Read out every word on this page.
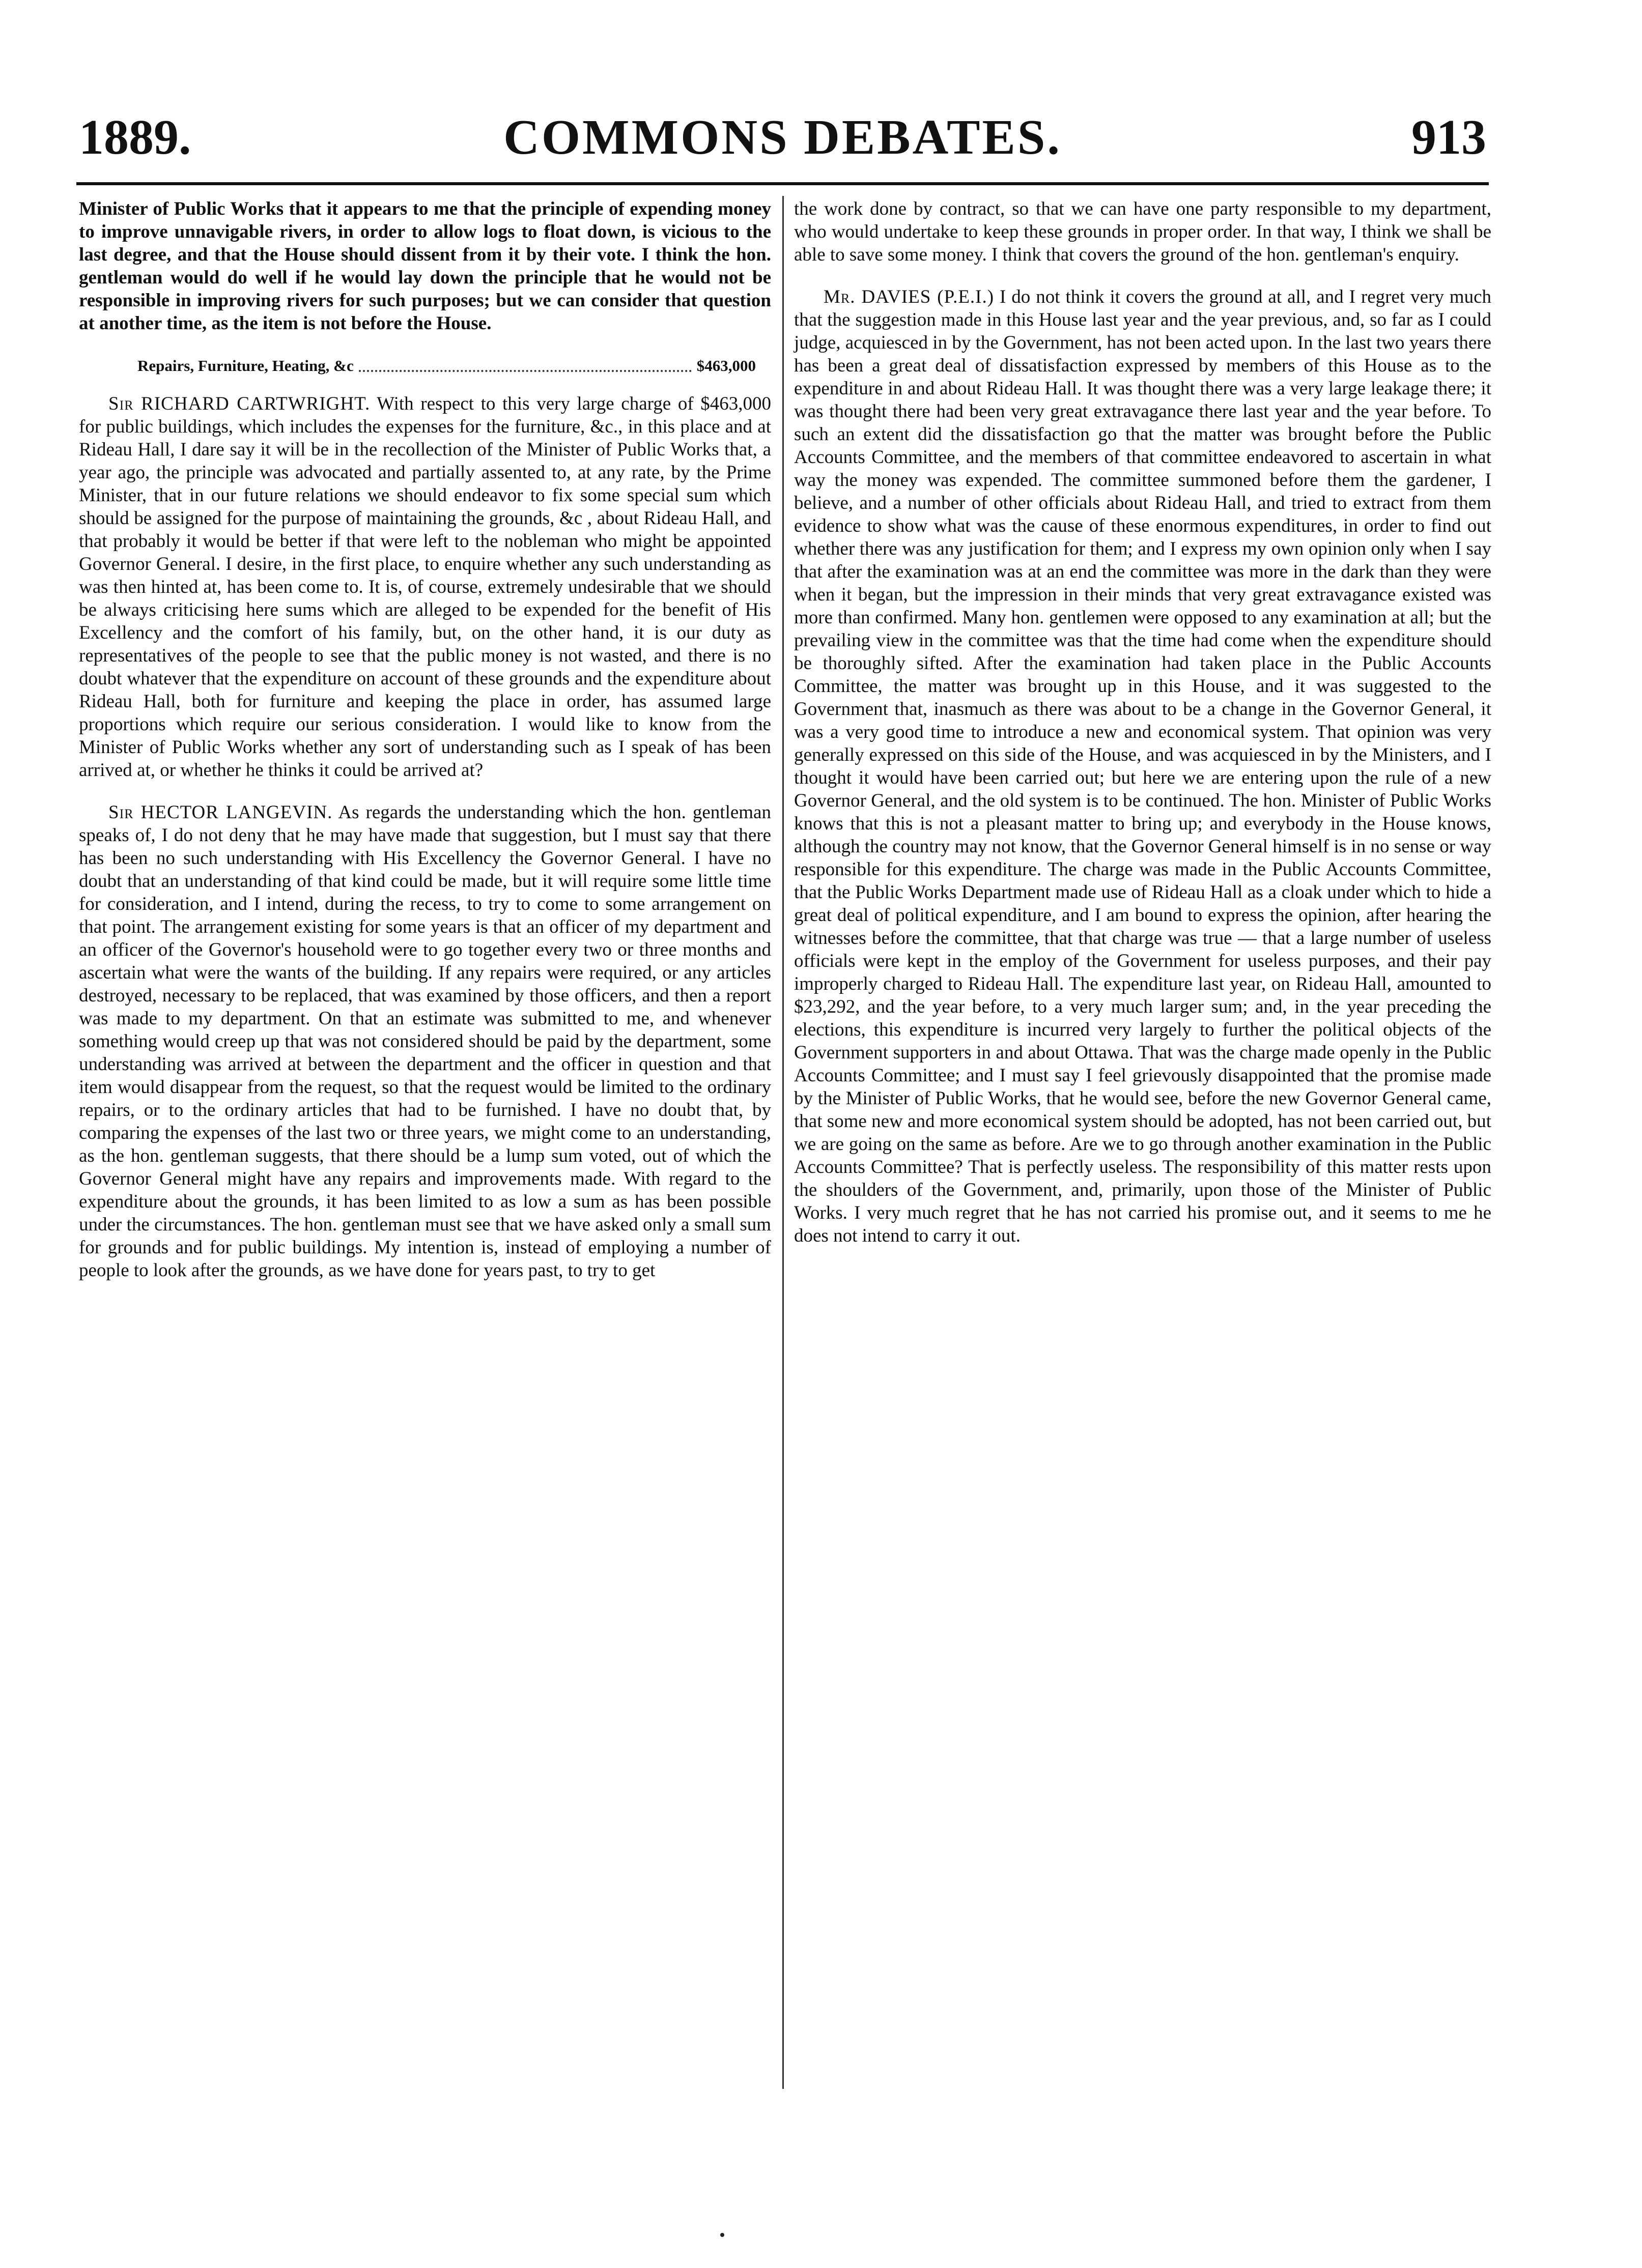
1889.	COMMONS DEBATES.	913

Minister of Public Works that it appears to me that the principle of expending money to improve unnavigable rivers, in order to allow logs to float down, is vicious to the last degree, and that the House should dissent from it by their vote. I think the hon. gentleman would do well if he would lay down the principle that he would not be responsible in improving rivers for such purposes; but we can consider that question at another time, as the item is not before the House.

Repairs, Furniture, Heating, &c	$463,000

Sir RICHARD CARTWRIGHT. With respect to this very large charge of $463,000 for public buildings, which includes the expenses for the furniture, &c., in this place and at Rideau Hall, I dare say it will be in the recollection of the Minister of Public Works that, a year ago, the principle was advocated and partially assented to, at any rate, by the Prime Minister, that in our future relations we should endeavor to fix some special sum which should be assigned for the purpose of maintaining the grounds, &c , about Rideau Hall, and that probably it would be better if that were left to the nobleman who might be appointed Governor General. I desire, in the first place, to enquire whether any such understanding as was then hinted at, has been come to. It is, of course, extremely undesirable that we should be always criticising here sums which are alleged to be expended for the benefit of His Excellency and the comfort of his family, but, on the other hand, it is our duty as representatives of the people to see that the public money is not wasted, and there is no doubt whatever that the expenditure on account of these grounds and the expenditure about Rideau Hall, both for furniture and keeping the place in order, has assumed large proportions which require our serious consideration. I would like to know from the Minister of Public Works whether any sort of understanding such as I speak of has been arrived at, or whether he thinks it could be arrived at?

Sir HECTOR LANGEVIN. As regards the understanding which the hon. gentleman speaks of, I do not deny that he may have made that suggestion, but I must say that there has been no such understanding with His Excellency the Governor General. I have no doubt that an understanding of that kind could be made, but it will require some little time for consideration, and I intend, during the recess, to try to come to some arrangement on that point. The arrangement existing for some years is that an officer of my department and an officer of the Governor's household were to go together every two or three months and ascertain what were the wants of the building. If any repairs were required, or any articles destroyed, necessary to be replaced, that was examined by those officers, and then a report was made to my department. On that an estimate was submitted to me, and whenever something would creep up that was not considered should be paid by the department, some understanding was arrived at between the department and the officer in question and that item would disappear from the request, so that the request would be limited to the ordinary repairs, or to the ordinary articles that had to be furnished. I have no doubt that, by comparing the expenses of the last two or three years, we might come to an understanding, as the hon. gentleman suggests, that there should be a lump sum voted, out of which the Governor General might have any repairs and improvements made. With regard to the expenditure about the grounds, it has been limited to as low a sum as has been possible under the circumstances. The hon. gentleman must see that we have asked only a small sum for grounds and for public buildings. My intention is, instead of employing a number of people to look after the grounds, as we have done for years past, to try to get

the work done by contract, so that we can have one party responsible to my department, who would undertake to keep these grounds in proper order. In that way, I think we shall be able to save some money. I think that covers the ground of the hon. gentleman's enquiry.

Mr. DAVIES (P.E.I.) I do not think it covers the ground at all, and I regret very much that the suggestion made in this House last year and the year previous, and, so far as I could judge, acquiesced in by the Government, has not been acted upon. In the last two years there has been a great deal of dissatisfaction expressed by members of this House as to the expenditure in and about Rideau Hall. It was thought there was a very large leakage there; it was thought there had been very great extravagance there last year and the year before. To such an extent did the dissatisfaction go that the matter was brought before the Public Accounts Committee, and the members of that committee endeavored to ascertain in what way the money was expended. The committee summoned before them the gardener, I believe, and a number of other officials about Rideau Hall, and tried to extract from them evidence to show what was the cause of these enormous expenditures, in order to find out whether there was any justification for them; and I express my own opinion only when I say that after the examination was at an end the committee was more in the dark than they were when it began, but the impression in their minds that very great extravagance existed was more than confirmed. Many hon. gentlemen were opposed to any examination at all; but the prevailing view in the committee was that the time had come when the expenditure should be thoroughly sifted. After the examination had taken place in the Public Accounts Committee, the matter was brought up in this House, and it was suggested to the Government that, inasmuch as there was about to be a change in the Governor General, it was a very good time to introduce a new and economical system. That opinion was very generally expressed on this side of the House, and was acquiesced in by the Ministers, and I thought it would have been carried out; but here we are entering upon the rule of a new Governor General, and the old system is to be continued. The hon. Minister of Public Works knows that this is not a pleasant matter to bring up; and everybody in the House knows, although the country may not know, that the Governor General himself is in no sense or way responsible for this expenditure. The charge was made in the Public Accounts Committee, that the Public Works Department made use of Rideau Hall as a cloak under which to hide a great deal of political expenditure, and I am bound to express the opinion, after hearing the witnesses before the committee, that that charge was true — that a large number of useless officials were kept in the employ of the Government for useless purposes, and their pay improperly charged to Rideau Hall. The expenditure last year, on Rideau Hall, amounted to $23,292, and the year before, to a very much larger sum; and, in the year preceding the elections, this expenditure is incurred very largely to further the political objects of the Government supporters in and about Ottawa. That was the charge made openly in the Public Accounts Committee; and I must say I feel grievously disappointed that the promise made by the Minister of Public Works, that he would see, before the new Governor General came, that some new and more economical system should be adopted, has not been carried out, but we are going on the same as before. Are we to go through another examination in the Public Accounts Committee? That is perfectly useless. The responsibility of this matter rests upon the shoulders of the Government, and, primarily, upon those of the Minister of Public Works. I very much regret that he has not carried his promise out, and it seems to me he does not intend to carry it out.
